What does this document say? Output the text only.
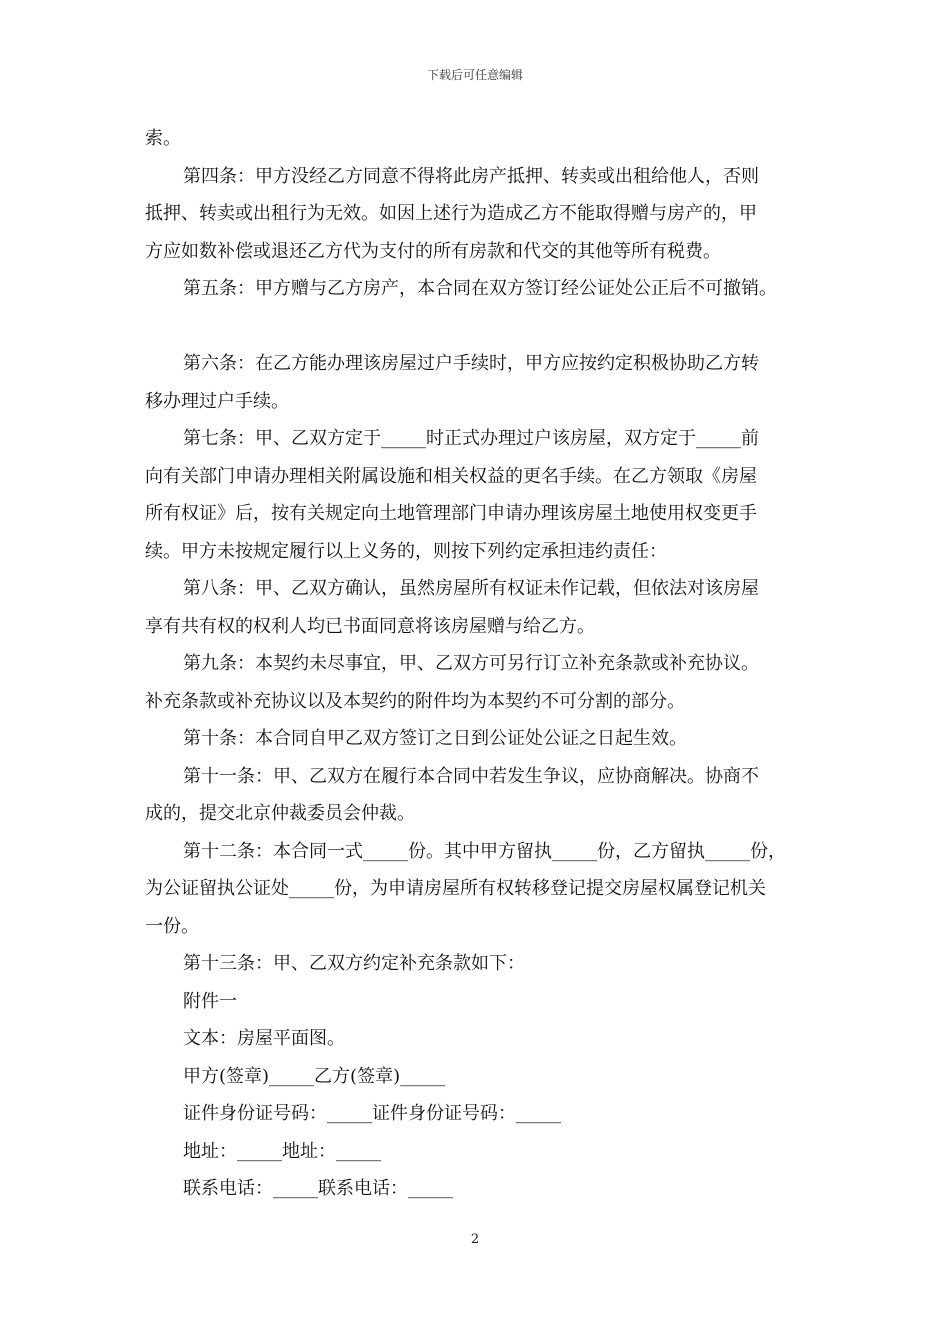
下载后可任意编辑
索。
第四条：甲方没经乙方同意不得将此房产抵押、转卖或出租给他人，否则
抵押、转卖或出租行为无效。如因上述行为造成乙方不能取得赠与房产的，甲
方应如数补偿或退还乙方代为支付的所有房款和代交的其他等所有税费。
第五条：甲方赠与乙方房产，本合同在双方签订经公证处公正后不可撤销。
第六条：在乙方能办理该房屋过户手续时，甲方应按约定积极协助乙方转
移办理过户手续。
第七条：甲、乙双方定于_____时正式办理过户该房屋，双方定于_____前
向有关部门申请办理相关附属设施和相关权益的更名手续。在乙方领取《房屋
所有权证》后，按有关规定向土地管理部门申请办理该房屋土地使用权变更手
续。甲方未按规定履行以上义务的，则按下列约定承担违约责任：
第八条：甲、乙双方确认，虽然房屋所有权证未作记载，但依法对该房屋
享有共有权的权利人均已书面同意将该房屋赠与给乙方。
第九条：本契约未尽事宜，甲、乙双方可另行订立补充条款或补充协议。
补充条款或补充协议以及本契约的附件均为本契约不可分割的部分。
第十条：本合同自甲乙双方签订之日到公证处公证之日起生效。
第十一条：甲、乙双方在履行本合同中若发生争议，应协商解决。协商不
成的，提交北京仲裁委员会仲裁。
第十二条：本合同一式_____份。其中甲方留执_____份，乙方留执_____份，
为公证留执公证处_____份，为申请房屋所有权转移登记提交房屋权属登记机关
一份。
第十三条：甲、乙双方约定补充条款如下：
附件一
文本：房屋平面图。
甲方(签章)_____乙方(签章)_____
证件身份证号码：_____证件身份证号码：_____
地址：_____地址：_____
联系电话：_____联系电话：_____
2
